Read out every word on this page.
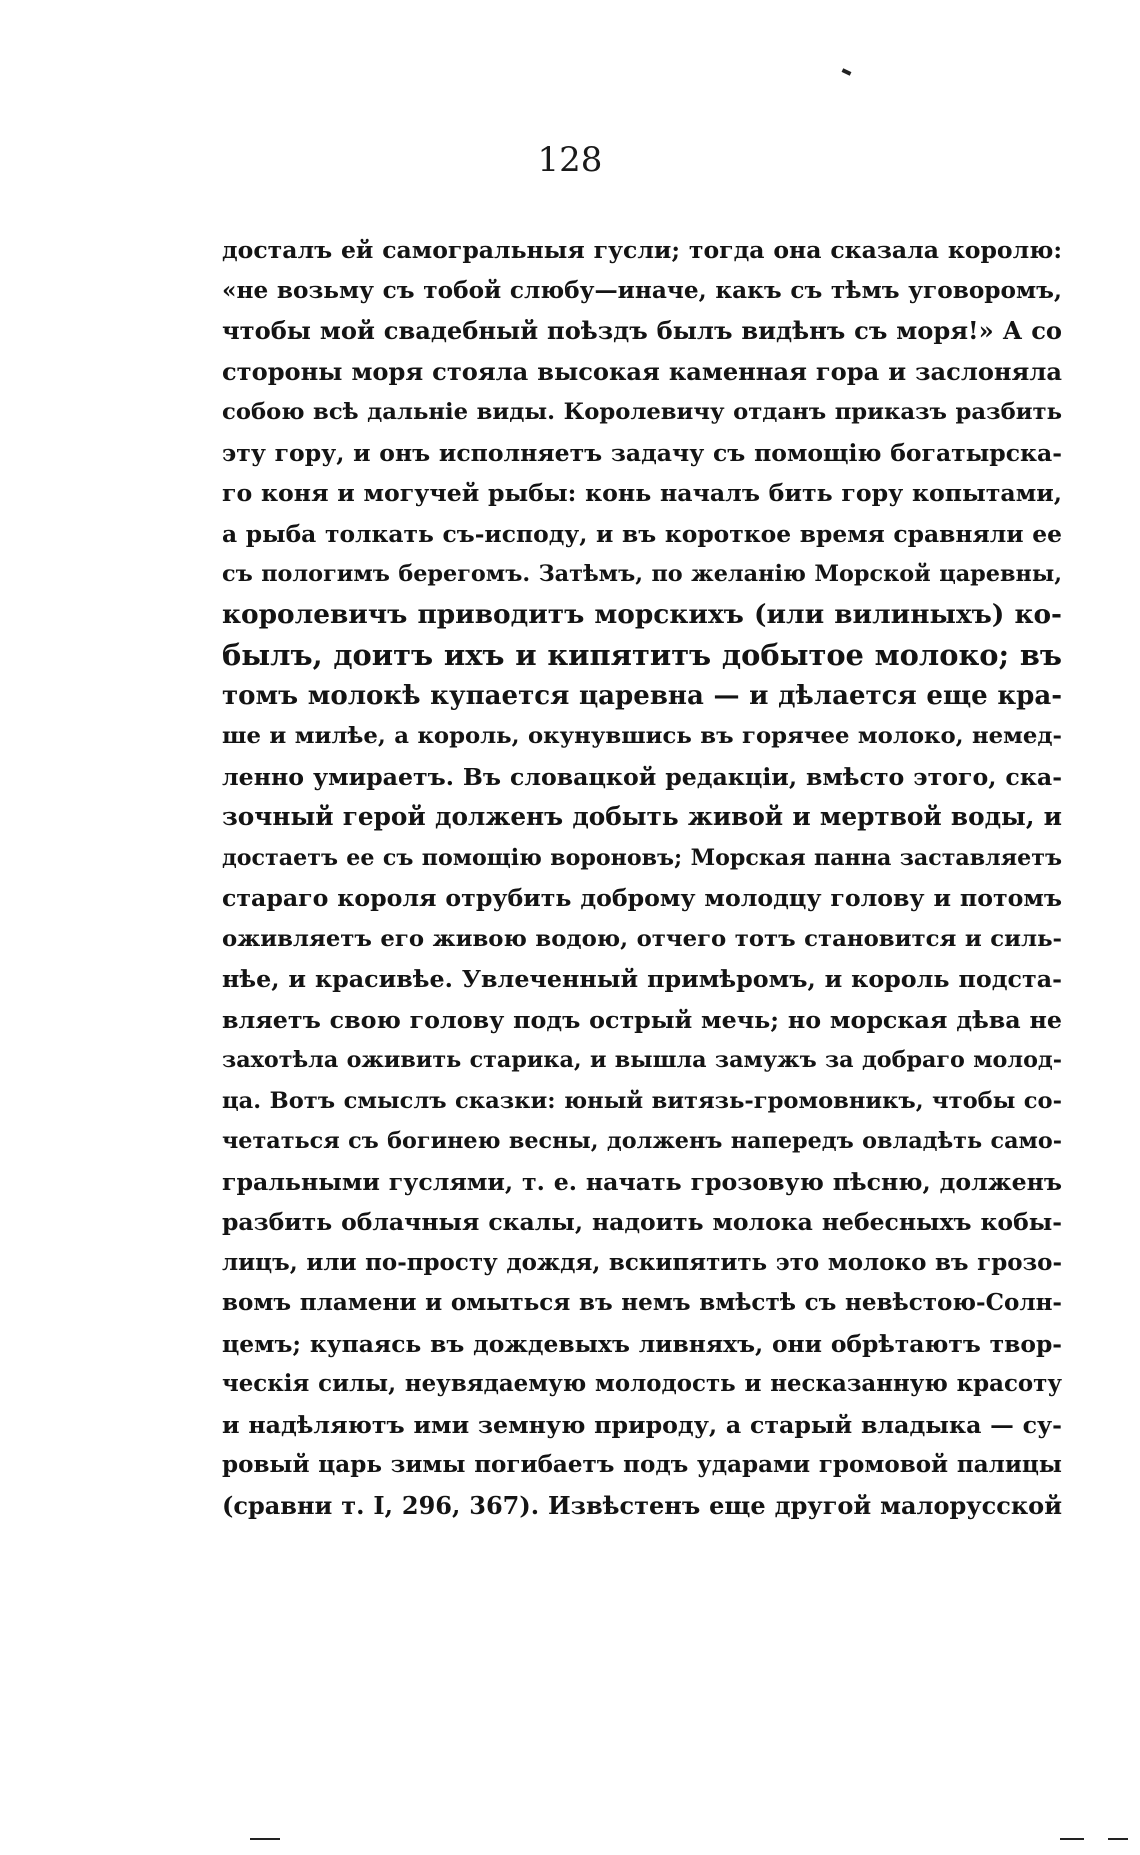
128
досталъ ей самогральныя гусли; тогда она сказала королю:
«не возьму съ тобой слюбу—иначе, какъ съ тѣмъ уговоромъ,
чтобы мой свадебный поѣздъ былъ видѣнъ съ моря!» А со
стороны моря стояла высокая каменная гора и заслоняла
собою всѣ дальніе виды. Королевичу отданъ приказъ разбить
эту гору, и онъ исполняетъ задачу съ помощію богатырска-
го коня и могучей рыбы: конь началъ бить гору копытами,
а рыба толкать съ-исподу, и въ короткое время сравняли ее
съ пологимъ берегомъ. Затѣмъ, по желанію Морской царевны,
королевичъ приводитъ морскихъ (или вилиныхъ) ко-
былъ, доитъ ихъ и кипятитъ добытое молоко; въ
томъ молокѣ купается царевна — и дѣлается еще кра-
ше и милѣе, а король, окунувшись въ горячее молоко, немед-
ленно умираетъ. Въ словацкой редакціи, вмѣсто этого, ска-
зочный герой долженъ добыть живой и мертвой воды, и
достаетъ ее съ помощію вороновъ; Морская панна заставляетъ
стараго короля отрубить доброму молодцу голову и потомъ
оживляетъ его живою водою, отчего тотъ становится и силь-
нѣе, и красивѣе. Увлеченный примѣромъ, и король подста-
вляетъ свою голову подъ острый мечь; но морская дѣва не
захотѣла оживить старика, и вышла замужъ за добраго молод-
ца. Вотъ смыслъ сказки: юный витязь-громовникъ, чтобы со-
четаться съ богинею весны, долженъ напередъ овладѣть само-
гральными гуслями, т. е. начать грозовую пѣсню, долженъ
разбить облачныя скалы, надоить молока небесныхъ кобы-
лицъ, или по-просту дождя, вскипятить это молоко въ грозо-
вомъ пламени и омыться въ немъ вмѣстѣ съ невѣстою-Солн-
цемъ; купаясь въ дождевыхъ ливняхъ, они обрѣтаютъ твор-
ческія силы, неувядаемую молодость и несказанную красоту
и надѣляютъ ими земную природу, а старый владыка — су-
ровый царь зимы погибаетъ подъ ударами громовой палицы
(сравни т. I, 296, 367). Извѣстенъ еще другой малорусской
